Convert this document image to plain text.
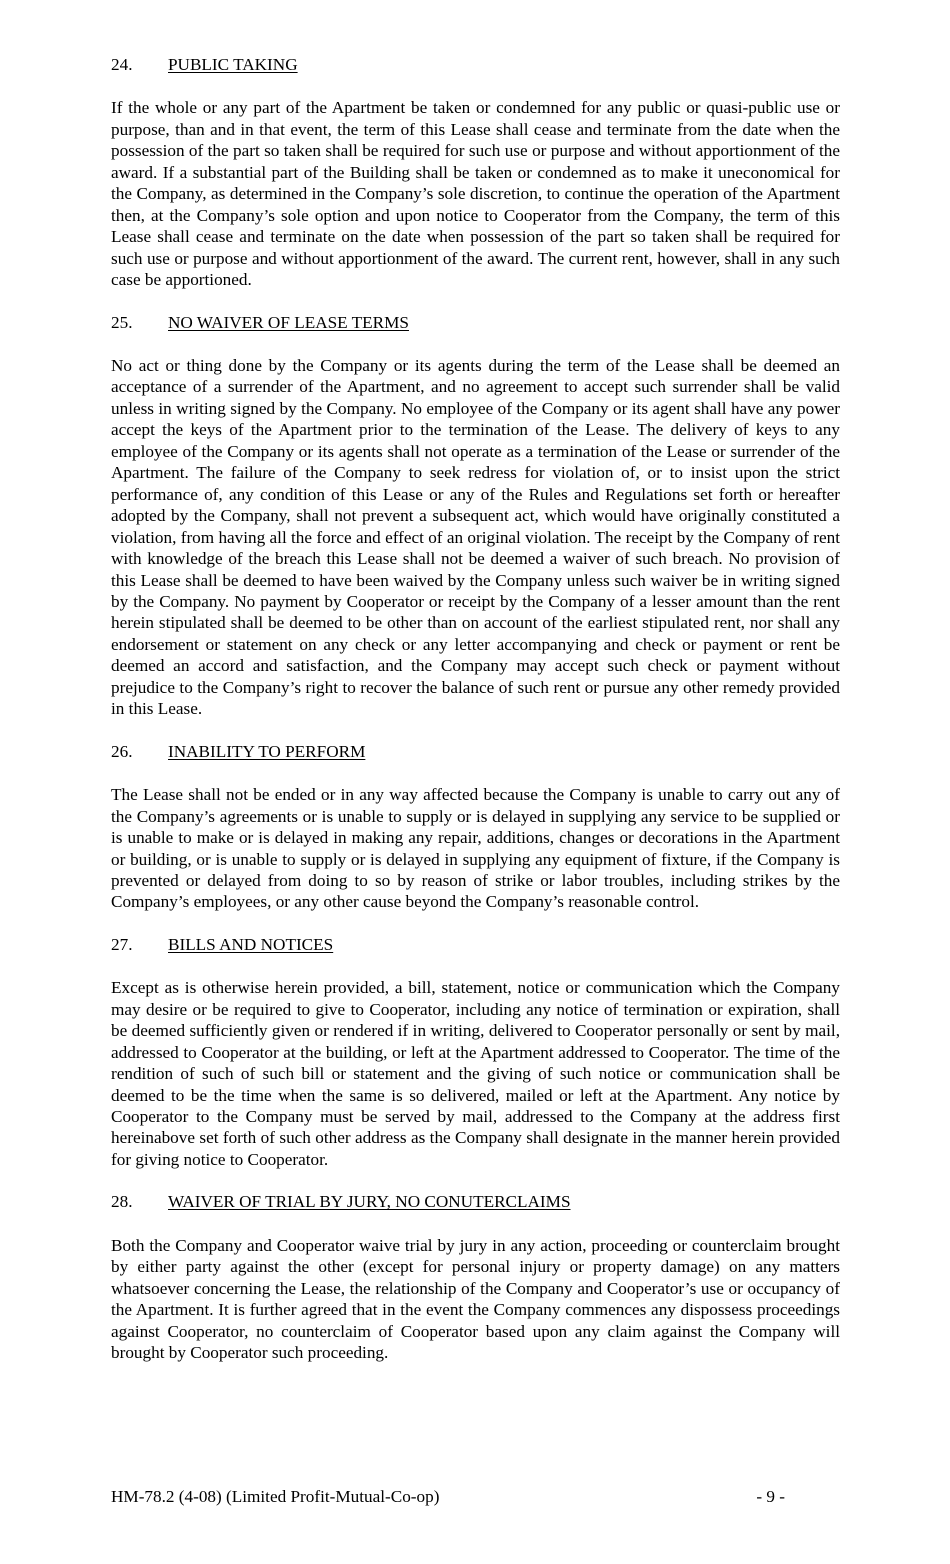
24.	PUBLIC TAKING

If the whole or any part of the Apartment be taken or condemned for any public or quasi-public use or purpose, than and in that event, the term of this Lease shall cease and terminate from the date when the possession of the part so taken shall be required for such use or purpose and without apportionment of the award. If a substantial part of the Building shall be taken or condemned as to make it uneconomical for the Company, as determined in the Company’s sole discretion, to continue the operation of the Apartment then, at the Company’s sole option and upon notice to Cooperator from the Company, the term of this Lease shall cease and terminate on the date when possession of the part so taken shall be required for such use or purpose and without apportionment of the award. The current rent, however, shall in any such case be apportioned.

25.	NO WAIVER OF LEASE TERMS

No act or thing done by the Company or its agents during the term of the Lease shall be deemed an acceptance of a surrender of the Apartment, and no agreement to accept such surrender shall be valid unless in writing signed by the Company. No employee of the Company or its agent shall have any power accept the keys of the Apartment prior to the termination of the Lease. The delivery of keys to any employee of the Company or its agents shall not operate as a termination of the Lease or surrender of the Apartment. The failure of the Company to seek redress for violation of, or to insist upon the strict performance of, any condition of this Lease or any of the Rules and Regulations set forth or hereafter adopted by the Company, shall not prevent a subsequent act, which would have originally constituted a violation, from having all the force and effect of an original violation. The receipt by the Company of rent with knowledge of the breach this Lease shall not be deemed a waiver of such breach. No provision of this Lease shall be deemed to have been waived by the Company unless such waiver be in writing signed by the Company. No payment by Cooperator or receipt by the Company of a lesser amount than the rent herein stipulated shall be deemed to be other than on account of the earliest stipulated rent, nor shall any endorsement or statement on any check or any letter accompanying and check or payment or rent be deemed an accord and satisfaction, and the Company may accept such check or payment without prejudice to the Company’s right to recover the balance of such rent or pursue any other remedy provided in this Lease.

26.	INABILITY TO PERFORM

The Lease shall not be ended or in any way affected because the Company is unable to carry out any of the Company’s agreements or is unable to supply or is delayed in supplying any service to be supplied or is unable to make or is delayed in making any repair, additions, changes or decorations in the Apartment or building, or is unable to supply or is delayed in supplying any equipment of fixture, if the Company is prevented or delayed from doing to so by reason of strike or labor troubles, including strikes by the Company’s employees, or any other cause beyond the Company’s reasonable control.

27.	BILLS AND NOTICES

Except as is otherwise herein provided, a bill, statement, notice or communication which the Company may desire or be required to give to Cooperator, including any notice of termination or expiration, shall be deemed sufficiently given or rendered if in writing, delivered to Cooperator personally or sent by mail, addressed to Cooperator at the building, or left at the Apartment addressed to Cooperator. The time of the rendition of such of such bill or statement and the giving of such notice or communication shall be deemed to be the time when the same is so delivered, mailed or left at the Apartment. Any notice by Cooperator to the Company must be served by mail, addressed to the Company at the address first hereinabove set forth of such other address as the Company shall designate in the manner herein provided for giving notice to Cooperator.

28.	WAIVER OF TRIAL BY JURY, NO CONUTERCLAIMS

Both the Company and Cooperator waive trial by jury in any action, proceeding or counterclaim brought by either party against the other (except for personal injury or property damage) on any matters whatsoever concerning the Lease, the relationship of the Company and Cooperator’s use or occupancy of the Apartment. It is further agreed that in the event the Company commences any dispossess proceedings against Cooperator, no counterclaim of Cooperator based upon any claim against the Company will brought by Cooperator such proceeding.

HM-78.2 (4-08) (Limited Profit-Mutual-Co-op)	- 9 -
